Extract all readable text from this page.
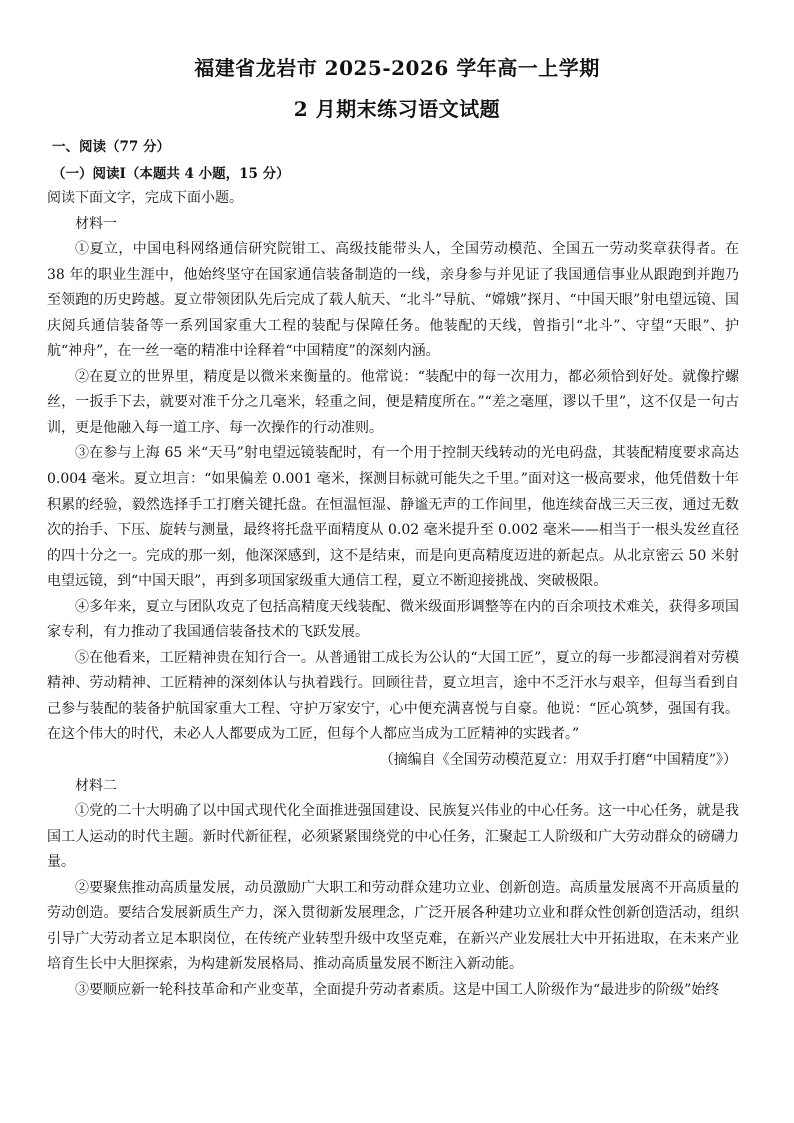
福建省龙岩市 2025-2026 学年高一上学期
2 月期末练习语文试题
一、阅读（77 分）
（一）阅读Ⅰ（本题共 4 小题，15 分）

阅读下面文字，完成下面小题。

材料一

①夏立，中国电科网络通信研究院钳工、高级技能带头人，全国劳动模范、全国五一劳动奖章获得者。在 38 年的职业生涯中，他始终坚守在国家通信装备制造的一线，亲身参与并见证了我国通信事业从跟跑到并跑乃至领跑的历史跨越。夏立带领团队先后完成了载人航天、“北斗”导航、“嫦娥”探月、“中国天眼”射电望远镜、国庆阅兵通信装备等一系列国家重大工程的装配与保障任务。他装配的天线，曾指引“北斗”、守望“天眼”、护航“神舟”，在一丝一毫的精准中诠释着“中国精度”的深刻内涵。

②在夏立的世界里，精度是以微米来衡量的。他常说：“装配中的每一次用力，都必须恰到好处。就像拧螺丝，一扳手下去，就要对准千分之几毫米，轻重之间，便是精度所在。”“差之毫厘，谬以千里”，这不仅是一句古训，更是他融入每一道工序、每一次操作的行动准则。

③在参与上海 65 米“天马”射电望远镜装配时，有一个用于控制天线转动的光电码盘，其装配精度要求高达 0.004 毫米。夏立坦言：“如果偏差 0.001 毫米，探测目标就可能失之千里。”面对这一极高要求，他凭借数十年积累的经验，毅然选择手工打磨关键托盘。在恒温恒湿、静谧无声的工作间里，他连续奋战三天三夜，通过无数次的抬手、下压、旋转与测量，最终将托盘平面精度从 0.02 毫米提升至 0.002 毫米——相当于一根头发丝直径的四十分之一。完成的那一刻，他深深感到，这不是结束，而是向更高精度迈进的新起点。从北京密云 50 米射电望远镜，到“中国天眼”，再到多项国家级重大通信工程，夏立不断迎接挑战、突破极限。

④多年来，夏立与团队攻克了包括高精度天线装配、微米级面形调整等在内的百余项技术难关，获得多项国家专利，有力推动了我国通信装备技术的飞跃发展。

⑤在他看来，工匠精神贵在知行合一。从普通钳工成长为公认的“大国工匠”，夏立的每一步都浸润着对劳模精神、劳动精神、工匠精神的深刻体认与执着践行。回顾往昔，夏立坦言，途中不乏汗水与艰辛，但每当看到自己参与装配的装备护航国家重大工程、守护万家安宁，心中便充满喜悦与自豪。他说：“匠心筑梦，强国有我。在这个伟大的时代，未必人人都要成为工匠，但每个人都应当成为工匠精神的实践者。”

（摘编自《全国劳动模范夏立：用双手打磨“中国精度”》）

材料二

①党的二十大明确了以中国式现代化全面推进强国建设、民族复兴伟业的中心任务。这一中心任务，就是我国工人运动的时代主题。新时代新征程，必须紧紧围绕党的中心任务，汇聚起工人阶级和广大劳动群众的磅礴力量。

②要聚焦推动高质量发展，动员激励广大职工和劳动群众建功立业、创新创造。高质量发展离不开高质量的劳动创造。要结合发展新质生产力，深入贯彻新发展理念，广泛开展各种建功立业和群众性创新创造活动，组织引导广大劳动者立足本职岗位，在传统产业转型升级中攻坚克难，在新兴产业发展壮大中开拓进取，在未来产业培育生长中大胆探索，为构建新发展格局、推动高质量发展不断注入新动能。

③要顺应新一轮科技革命和产业变革，全面提升劳动者素质。这是中国工人阶级作为“最进步的阶级”始终
